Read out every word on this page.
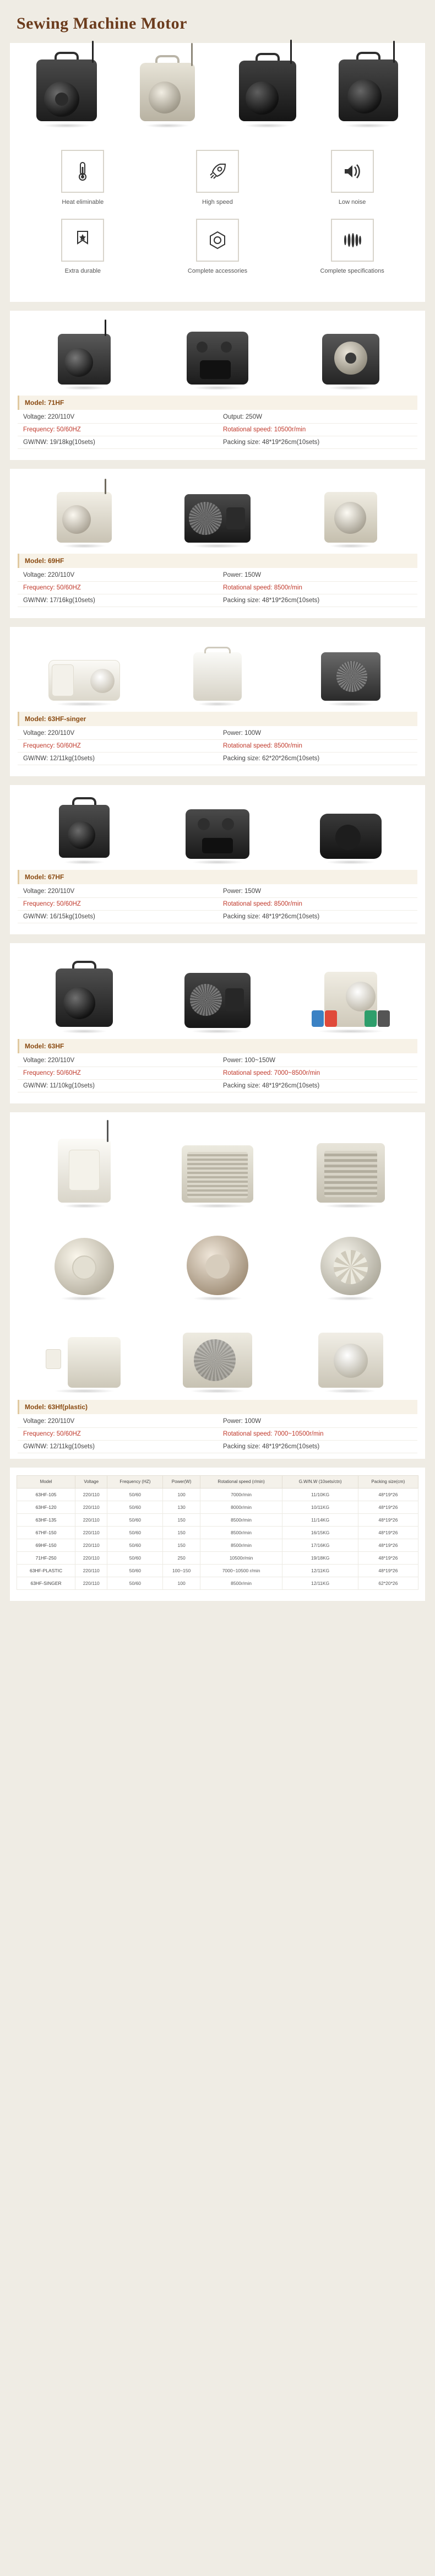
Sewing Machine Motor
Heat eliminable	High speed	Low noise
Extra durable	Complete accessories	Complete specifications
Model: 71HF
Voltage: 220/110V	Output: 250W
Frequency: 50/60HZ	Rotational speed: 10500r/min
GW/NW: 19/18kg(10sets)	Packing size: 48*19*26cm(10sets)
Model: 69HF
Voltage: 220/110V	Power: 150W
Frequency: 50/60HZ	Rotational speed: 8500r/min
GW/NW: 17/16kg(10sets)	Packing size: 48*19*26cm(10sets)
Model: 63HF-singer
Voltage: 220/110V	Power: 100W
Frequency: 50/60HZ	Rotational speed: 8500r/min
GW/NW: 12/11kg(10sets)	Packing size: 62*20*26cm(10sets)
Model: 67HF
Voltage: 220/110V	Power: 150W
Frequency: 50/60HZ	Rotational speed: 8500r/min
GW/NW: 16/15kg(10sets)	Packing size: 48*19*26cm(10sets)
Model: 63HF
Voltage: 220/110V	Power: 100~150W
Frequency: 50/60HZ	Rotational speed: 7000~8500r/min
GW/NW: 11/10kg(10sets)	Packing size: 48*19*26cm(10sets)
Model: 63Hf(plastic)
Voltage: 220/110V	Power: 100W
Frequency: 50/60HZ	Rotational speed: 7000~10500r/min
GW/NW: 12/11kg(10sets)	Packing size: 48*19*26cm(10sets)
Model	Voltage	Frequency (HZ)	Power(W)	Rotational speed (r/min)	G.W/N.W (10sets/ctn)	Packing size(cm)
63HF-105	220/110	50/60	100	7000r/min	11/10KG	48*19*26
63HF-120	220/110	50/60	130	8000r/min	10/11KG	48*19*26
63HF-135	220/110	50/60	150	8500r/min	11/14KG	48*19*26
67HF-150	220/110	50/60	150	8500r/min	16/15KG	48*19*26
69HF-150	220/110	50/60	150	8500r/min	17/16KG	48*19*26
71HF-250	220/110	50/60	250	10500r/min	19/18KG	48*19*26
63HF-PLASTIC	220/110	50/60	100~150	7000~10500 r/min	12/11KG	48*19*26
63HF-SINGER	220/110	50/60	100	8500r/min	12/11KG	62*20*26
